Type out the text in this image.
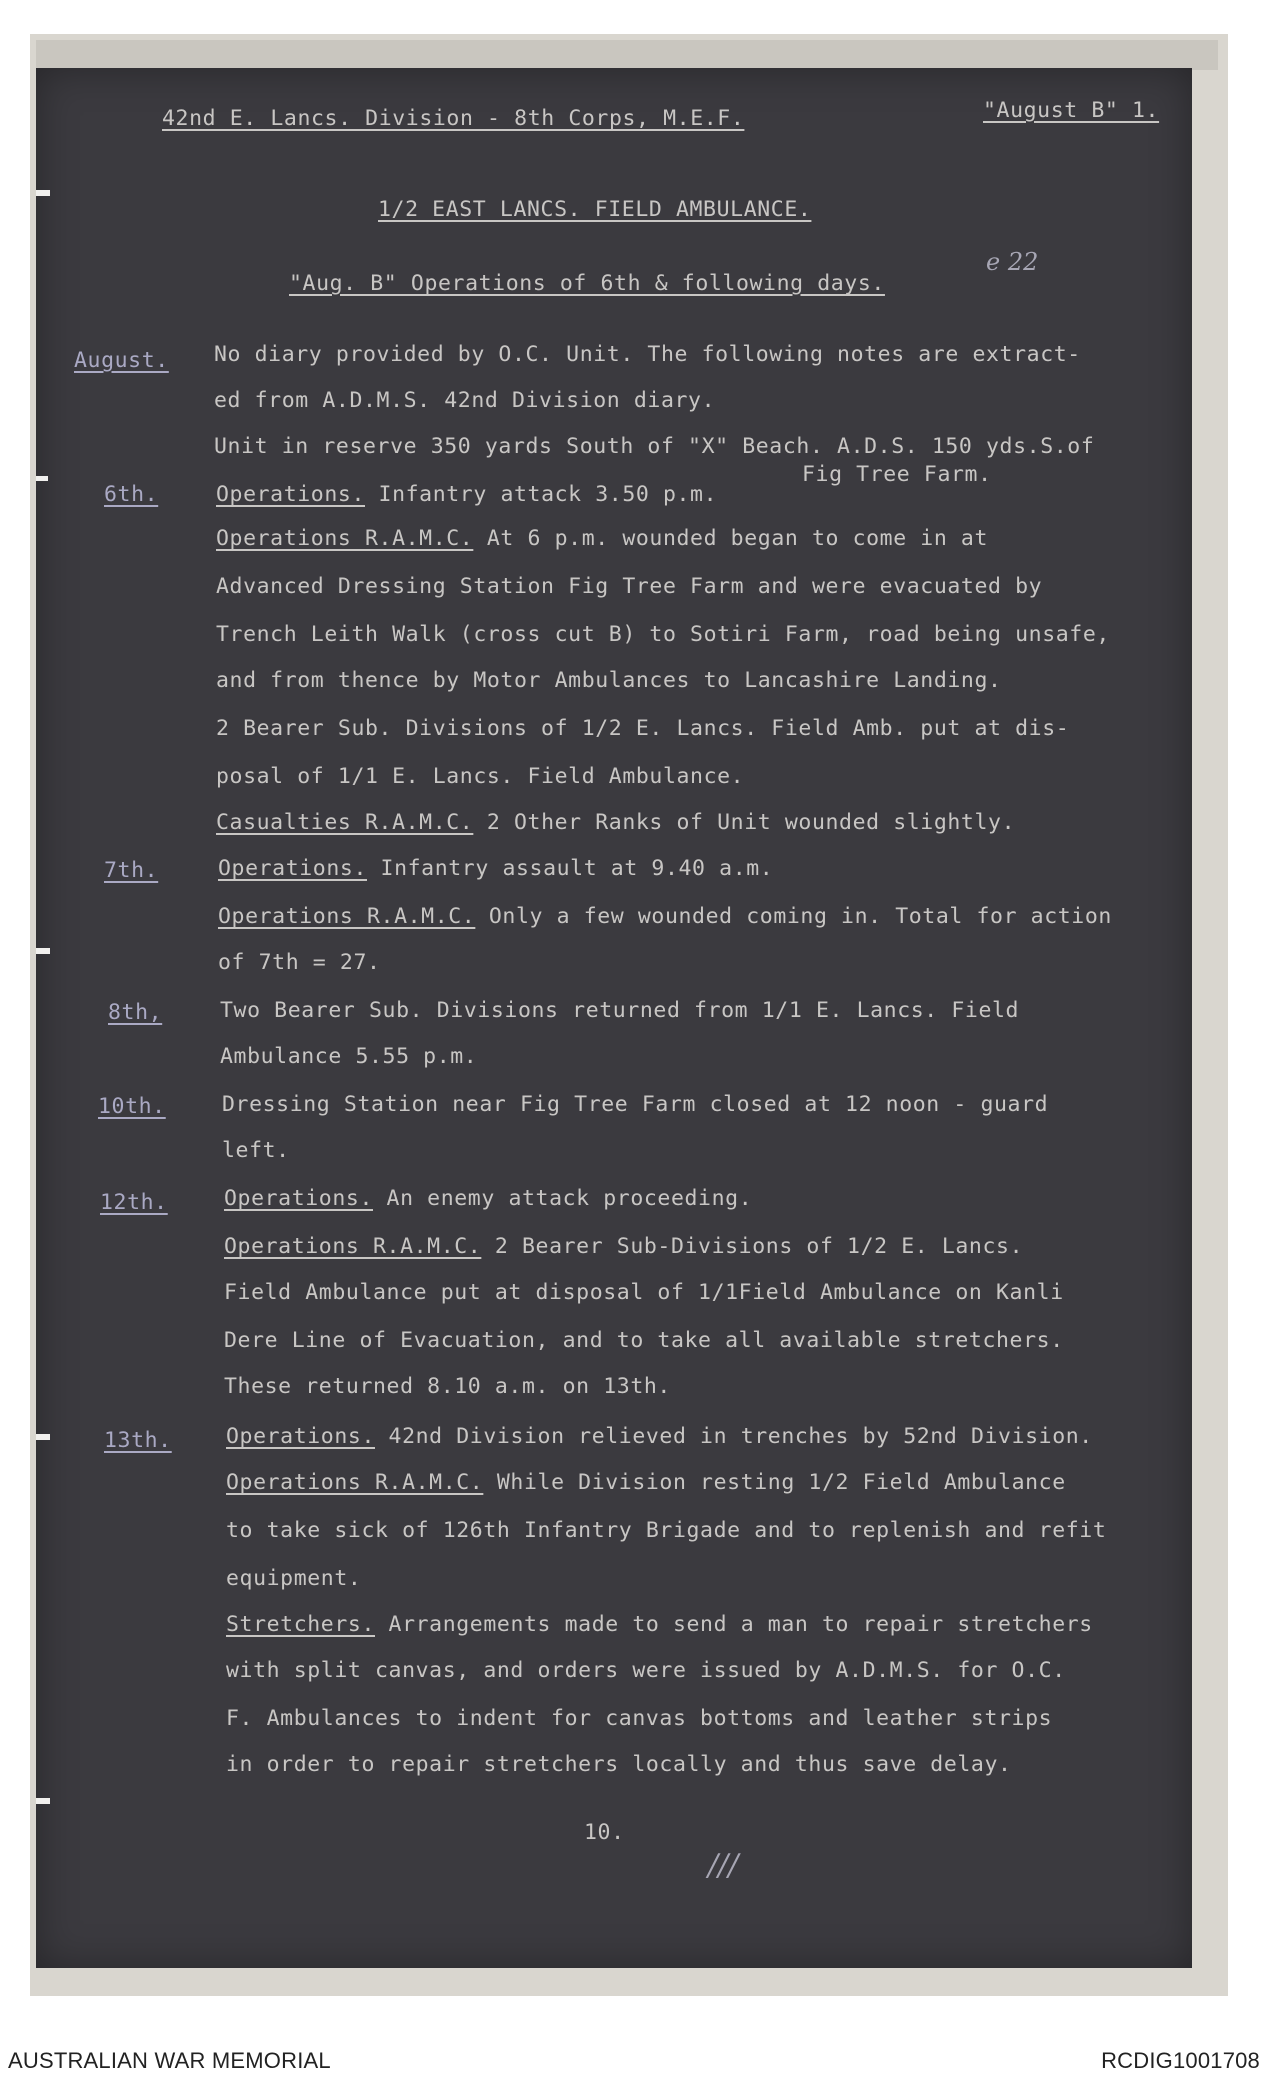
42nd E. Lancs. Division - 8th Corps, M.E.F.	"August B" 1.
1/2 EAST LANCS. FIELD AMBULANCE.
"Aug. B" Operations of 6th & following days.
e 22
August. No diary provided by O.C. Unit. The following notes are extract-
ed from A.D.M.S. 42nd Division diary.
Unit in reserve 350 yards South of "X" Beach. A.D.S. 150 yds.S.of
Fig Tree Farm.
6th.	Operations. Infantry attack 3.50 p.m.
Operations R.A.M.C. At 6 p.m. wounded began to come in at
Advanced Dressing Station Fig Tree Farm and were evacuated by
Trench Leith Walk (cross cut B) to Sotiri Farm, road being unsafe,
and from thence by Motor Ambulances to Lancashire Landing.
2 Bearer Sub. Divisions of 1/2 E. Lancs. Field Amb. put at dis-
posal of 1/1 E. Lancs. Field Ambulance.
Casualties R.A.M.C. 2 Other Ranks of Unit wounded slightly.
7th.	Operations. Infantry assault at 9.40 a.m.
Operations R.A.M.C. Only a few wounded coming in. Total for action
of 7th = 27.
8th,	Two Bearer Sub. Divisions returned from 1/1 E. Lancs. Field
Ambulance 5.55 p.m.
10th.	Dressing Station near Fig Tree Farm closed at 12 noon - guard
left.
12th.	Operations. An enemy attack proceeding.
Operations R.A.M.C. 2 Bearer Sub-Divisions of 1/2 E. Lancs.
Field Ambulance put at disposal of 1/1Field Ambulance on Kanli
Dere Line of Evacuation, and to take all available stretchers.
These returned 8.10 a.m. on 13th.
13th.	Operations. 42nd Division relieved in trenches by 52nd Division.
Operations R.A.M.C. While Division resting 1/2 Field Ambulance
to take sick of 126th Infantry Brigade and to replenish and refit
equipment.
Stretchers. Arrangements made to send a man to repair stretchers
with split canvas, and orders were issued by A.D.M.S. for O.C.
F. Ambulances to indent for canvas bottoms and leather strips
in order to repair stretchers locally and thus save delay.
10.
///
AUSTRALIAN WAR MEMORIAL	RCDIG1001708
